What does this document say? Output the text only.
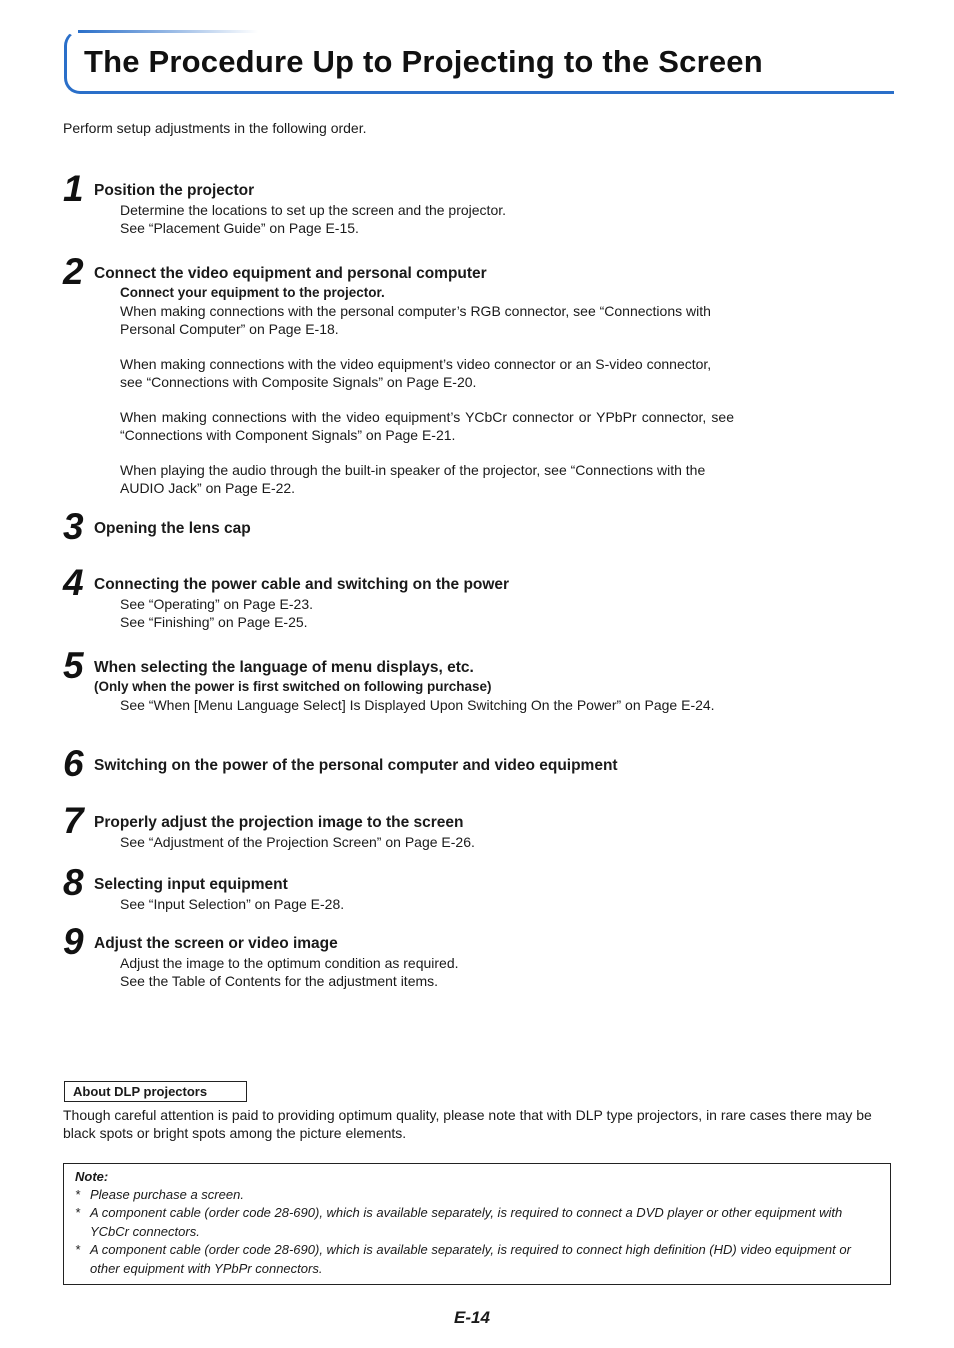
The Procedure Up to Projecting to the Screen

Perform setup adjustments in the following order.

1 Position the projector

Determine the locations to set up the screen and the projector.

See “Placement Guide” on Page E-15.

2 Connect the video equipment and personal computer

Connect your equipment to the projector.

When making connections with the personal computer’s RGB connector, see “Connections with Personal Computer” on Page E-18.

When making connections with the video equipment’s video connector or an S-video connector, see “Connections with Composite Signals” on Page E-20.

When making connections with the video equipment’s YCbCr connector or YPbPr connector, see “Connections with Component Signals” on Page E-21.

When playing the audio through the built-in speaker of the projector, see “Connections with the AUDIO Jack” on Page E-22.

3 Opening the lens cap

4 Connecting the power cable and switching on the power

See “Operating” on Page E-23.

See “Finishing” on Page E-25.

5 When selecting the language of menu displays, etc.

(Only when the power is first switched on following purchase)

See “When [Menu Language Select] Is Displayed Upon Switching On the Power” on Page E-24.

6 Switching on the power of the personal computer and video equipment

7 Properly adjust the projection image to the screen

See “Adjustment of the Projection Screen” on Page E-26.

8 Selecting input equipment

See “Input Selection” on Page E-28.

9 Adjust the screen or video image

Adjust the image to the optimum condition as required.

See the Table of Contents for the adjustment items.

About DLP projectors

Though careful attention is paid to providing optimum quality, please note that with DLP type projectors, in rare cases there may be black spots or bright spots among the picture elements.

Note:

* Please purchase a screen.

* A component cable (order code 28-690), which is available separately, is required to connect a DVD player or other equipment with YCbCr connectors.

* A component cable (order code 28-690), which is available separately, is required to connect high definition (HD) video equipment or other equipment with YPbPr connectors.

E-14
